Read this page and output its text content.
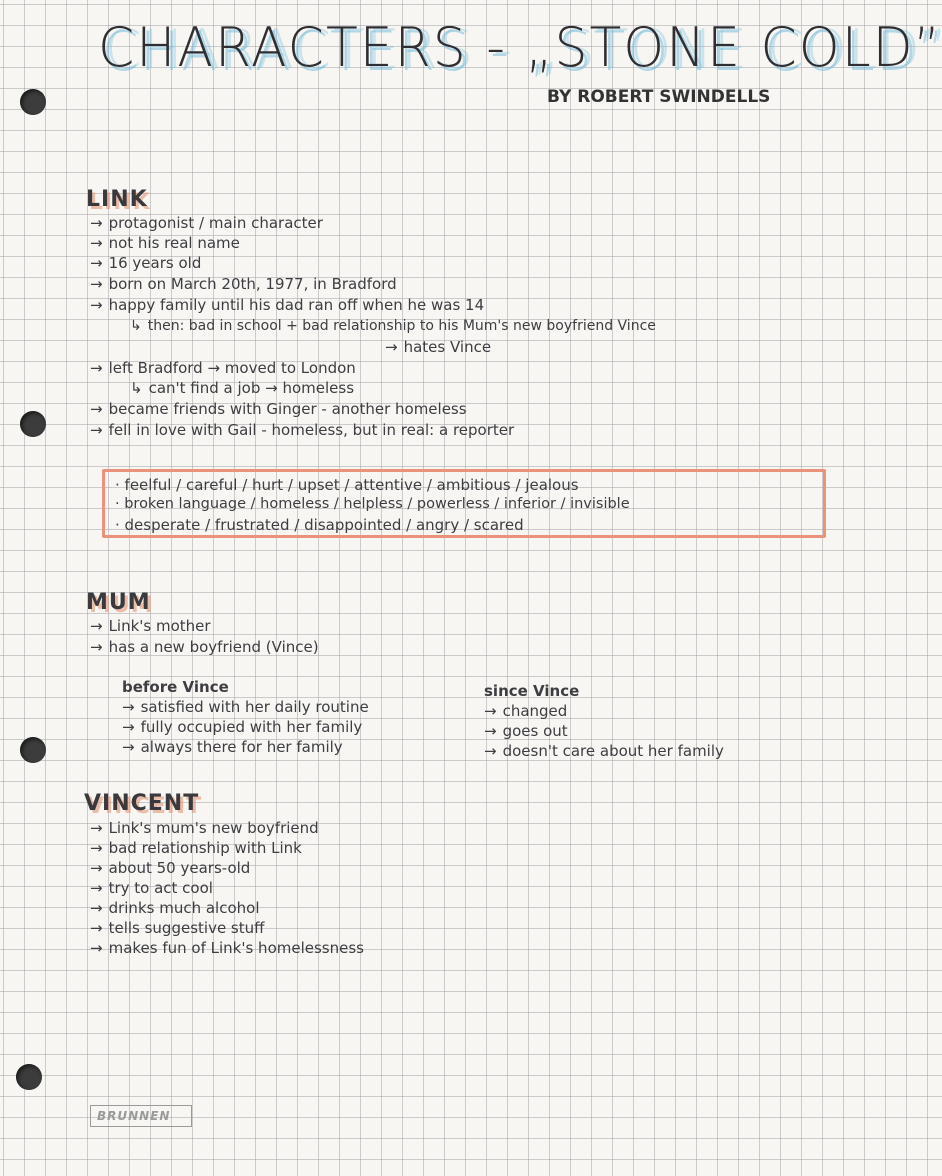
CHARACTERS - „STONE COLD”
BY ROBERT SWINDELLS
LINK
→ protagonist / main character
→ not his real name
→ 16 years old
→ born on March 20th, 1977, in Bradford
→ happy family until his dad ran off when he was 14
↳ then: bad in school + bad relationship to his Mum's new boyfriend Vince
→ hates Vince
→ left Bradford → moved to London
↳ can't find a job → homeless
→ became friends with Ginger - another homeless
→ fell in love with Gail - homeless, but in real: a reporter
· feelful / careful / hurt / upset / attentive / ambitious / jealous
· broken language / homeless / helpless / powerless / inferior / invisible
· desperate / frustrated / disappointed / angry / scared
MUM
→ Link's mother
→ has a new boyfriend (Vince)
before Vince
→ satisfied with her daily routine
→ fully occupied with her family
→ always there for her family
since Vince
→ changed
→ goes out
→ doesn't care about her family
VINCENT
→ Link's mum's new boyfriend
→ bad relationship with Link
→ about 50 years-old
→ try to act cool
→ drinks much alcohol
→ tells suggestive stuff
→ makes fun of Link's homelessness
BRUNNEN
